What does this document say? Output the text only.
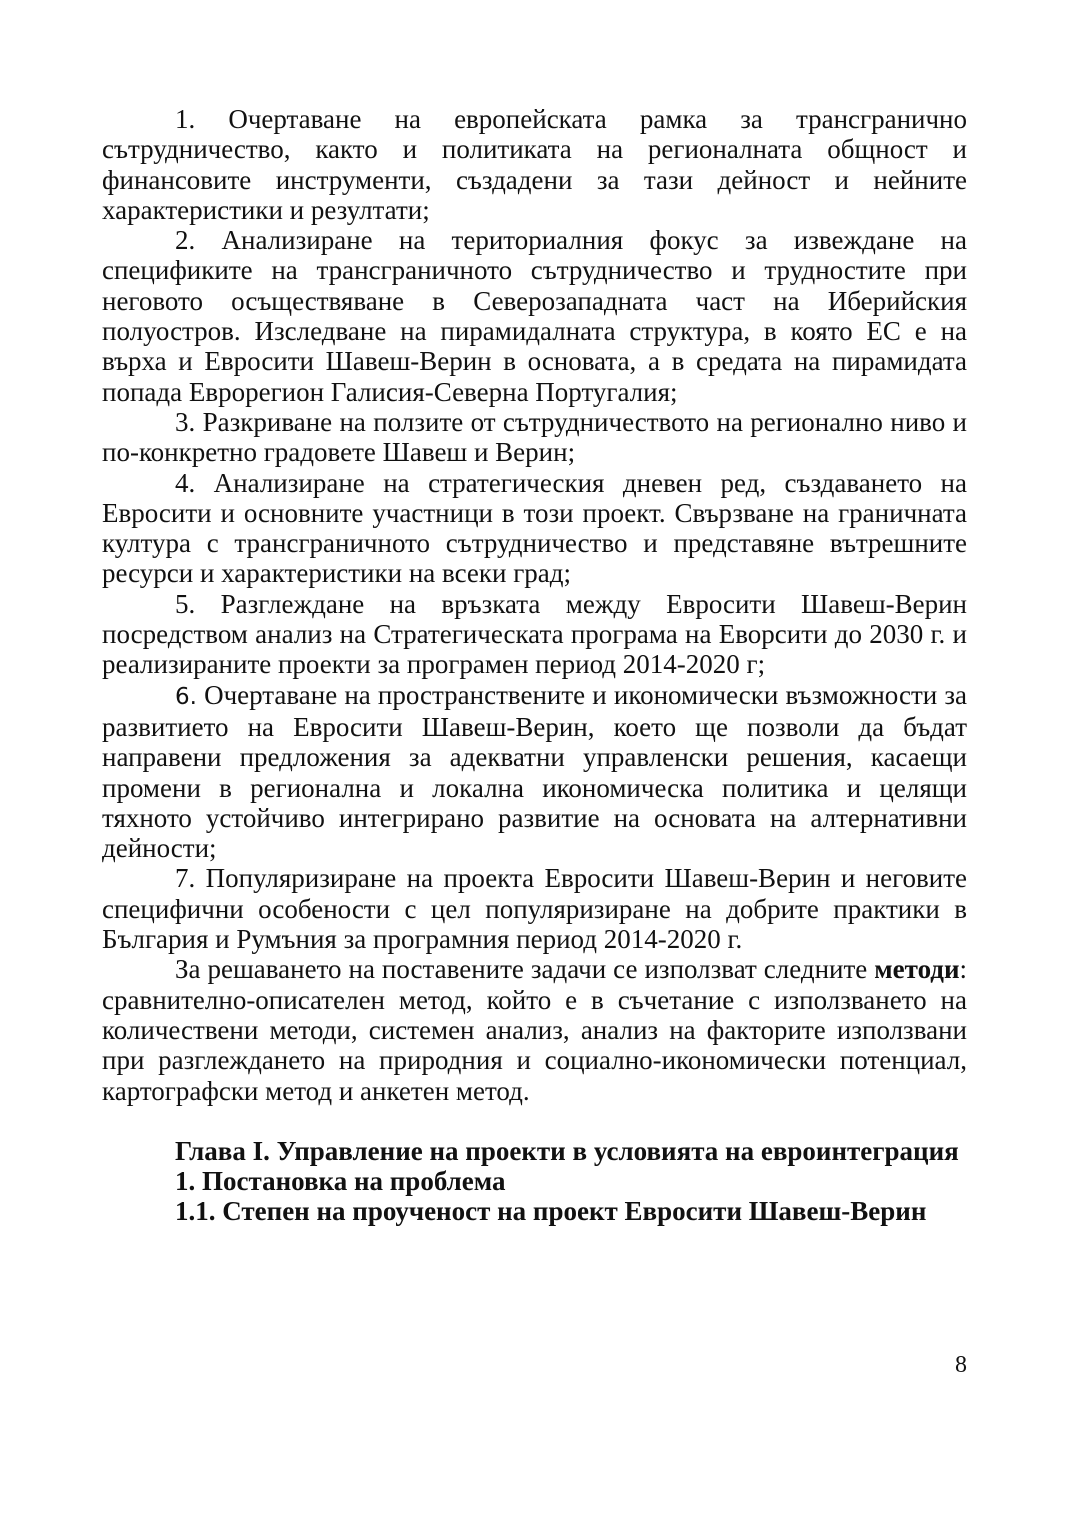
1. Очертаване на европейската рамка за трансгранично сътрудничество, както и политиката на регионалната общност и финансовите инструменти, създадени за тази дейност и нейните характеристики и резултати;

2. Анализиране на териториалния фокус за извеждане на спецификите на трансграничното сътрудничество и трудностите при неговото осъществяване в Северозападната част на Иберийския полуостров. Изследване на пирамидалната структура, в която ЕС е на върха и Евросити Шавеш-Верин в основата, а в средата на пирамидата попада Еврорегион Галисия-Северна Португалия;

3. Разкриване на ползите от сътрудничеството на регионално ниво и по-конкретно градовете Шавеш и Верин;

4. Анализиране на стратегическия дневен ред, създаването на Евросити и основните участници в този проект. Свързване на граничната култура с трансграничното сътрудничество и представяне вътрешните ресурси и характеристики на всеки град;

5. Разглеждане на връзката между Евросити Шавеш-Верин посредством анализ на Стратегическата програма на Еворсити до 2030 г. и реализираните проекти за програмен период 2014-2020 г;

6. Очертаване на пространствените и икономически възможности за развитието на Евросити Шавеш-Верин, което ще позволи да бъдат направени предложения за адекватни управленски решения, касаещи промени в регионална и локална икономическа политика и целящи тяхното устойчиво интегрирано развитие на основата на алтернативни дейности;

7. Популяризиране на проекта Евросити Шавеш-Верин и неговите специфични особености с цел популяризиране на добрите практики в България и Румъния за програмния период 2014-2020 г.

За решаването на поставените задачи се използват следните методи: сравнително-описателен метод, който е в съчетание с използването на количествени методи, системен анализ, анализ на факторите използвани при разглеждането на природния и социално-икономически потенциал, картографски метод и анкетен метод.

Глава I. Управление на проекти в условията на евроинтеграция

1. Постановка на проблема

1.1. Степен на проученост на проект Евросити Шавеш-Верин

8
